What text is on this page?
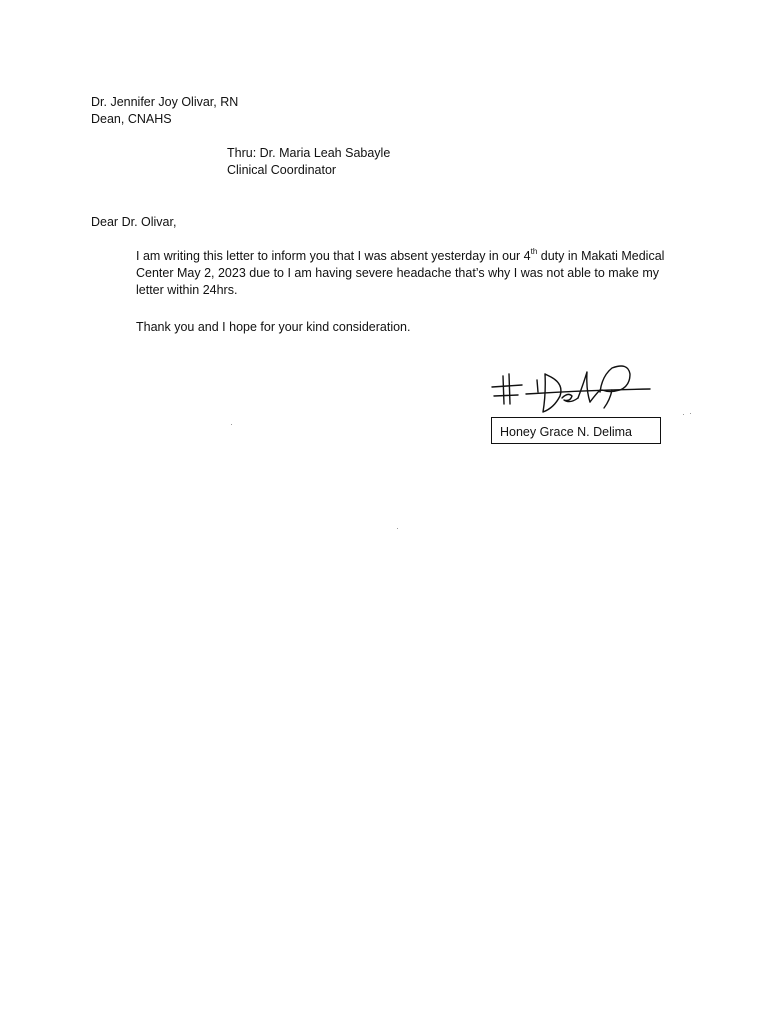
Dr. Jennifer Joy Olivar, RN
Dean, CNAHS
Thru: Dr. Maria Leah Sabayle
Clinical Coordinator
Dear Dr. Olivar,
I am writing this letter to inform you that I was absent yesterday in our 4th duty in Makati Medical Center May 2, 2023 due to I am having severe headache that’s why I was not able to make my letter within 24hrs.
Thank you and I hope for your kind consideration.
Honey Grace N. Delima
